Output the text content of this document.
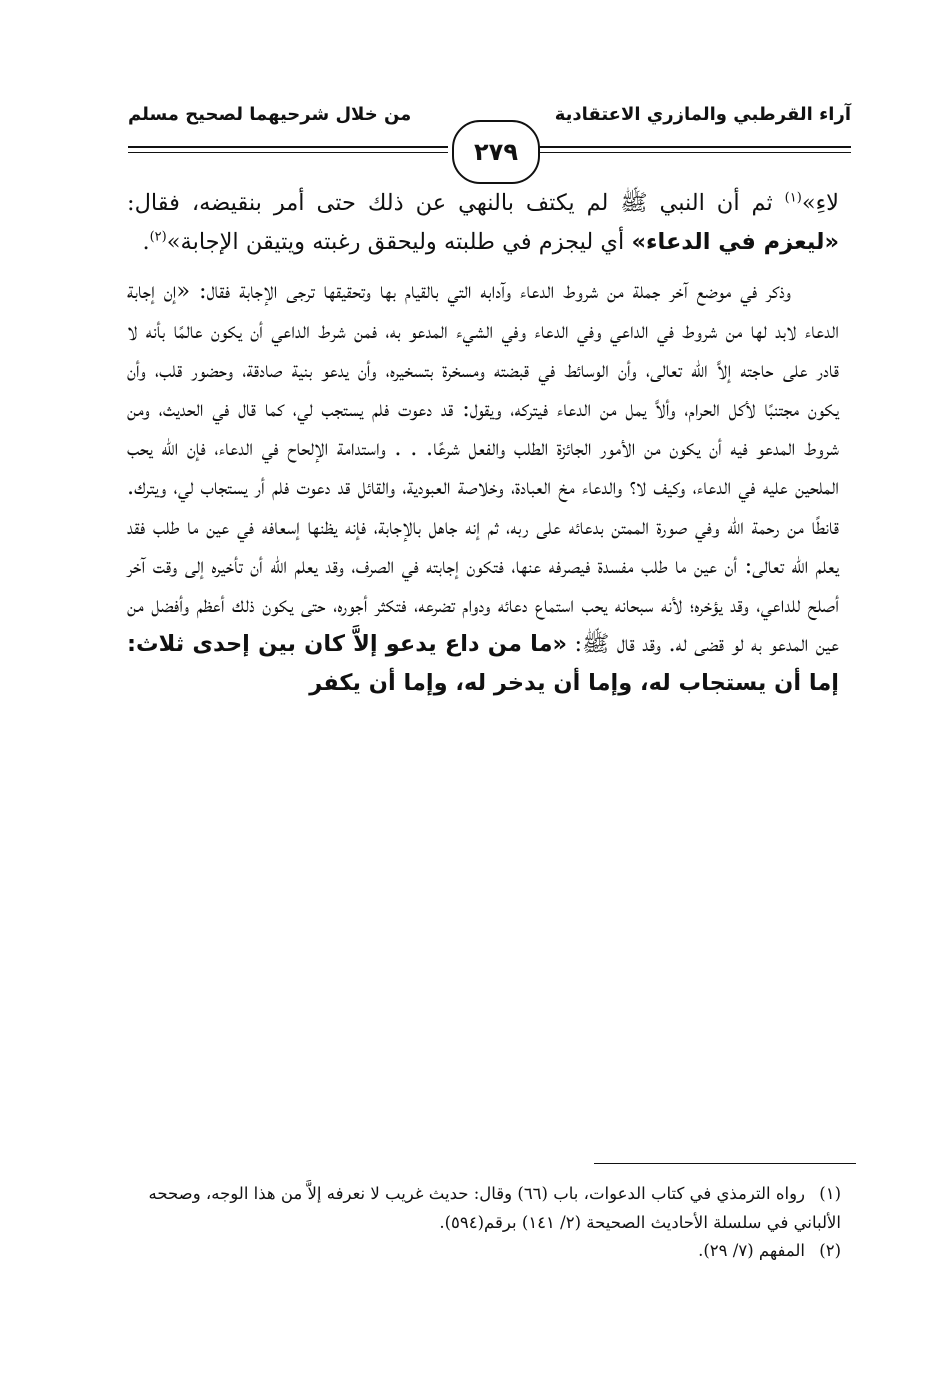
آراء القرطبي والمازري الاعتقادية
من خلال شرحيهما لصحيح مسلم
٢٧٩

لاءِ»$^{(١)}$ ثم أن النبي ﷺ لم يكتف بالنهي عن ذلك حتى أمر بنقيضه، فقال: «ليعزم في الدعاء» أي ليجزم في طلبته وليحقق رغبته ويتيقن الإجابة»$^{(٢)}$.

وذكر في موضع آخر جملة من شروط الدعاء وآدابه التي بالقيام بها وتحقيقها ترجى الإجابة فقال: «إن إجابة الدعاء لابد لها من شروط في الداعي وفي الدعاء وفي الشيء المدعو به، فمن شرط الداعي أن يكون عالمًا بأنه لا قادر على حاجته إلاَّ الله تعالى، وأن الوسائط في قبضته ومسخرة بتسخيره، وأن يدعو بنية صادقة، وحضور قلب، وأن يكون مجتنبًا لأكل الحرام، وألاَّ يمل من الدعاء فيتركه، ويقول: قد دعوت فلم يستجب لي، كما قال في الحديث، ومن شروط المدعو فيه أن يكون من الأمور الجائزة الطلب والفعل شرعًا. . . واستدامة الإلحاح في الدعاء، فإن الله يحب الملحين عليه في الدعاء، وكيف لا؟ والدعاء مخ العبادة، وخلاصة العبودية، والقائل قد دعوت فلم أر يستجاب لي، ويترك. قانطًا من رحمة الله وفي صورة الممتن بدعائه على ربه، ثم إنه جاهل بالإجابة، فإنه يظنها إسعافه في عين ما طلب فقد يعلم الله تعالى: أن عين ما طلب مفسدة فيصرفه عنها، فتكون إجابته في الصرف، وقد يعلم الله أن تأخيره إلى وقت آخر أصلح للداعي، وقد يؤخره؛ لأنه سبحانه يحب استماع دعائه ودوام تضرعه، فتكثر أجوره، حتى يكون ذلك أعظم وأفضل من عين المدعو به لو قضى له. وقد قال ﷺ: «ما من داع يدعو إلاَّ كان بين إحدى ثلاث: إما أن يستجاب له، وإما أن يدخر له، وإما أن يكفر

(١)رواه الترمذي في كتاب الدعوات، باب (٦٦) وقال: حديث غريب لا نعرفه إلاَّ من هذا الوجه، وصححه الألباني في سلسلة الأحاديث الصحيحة (٢/ ١٤١) برقم(٥٩٤).

(٢)المفهم (٧/ ٢٩).
